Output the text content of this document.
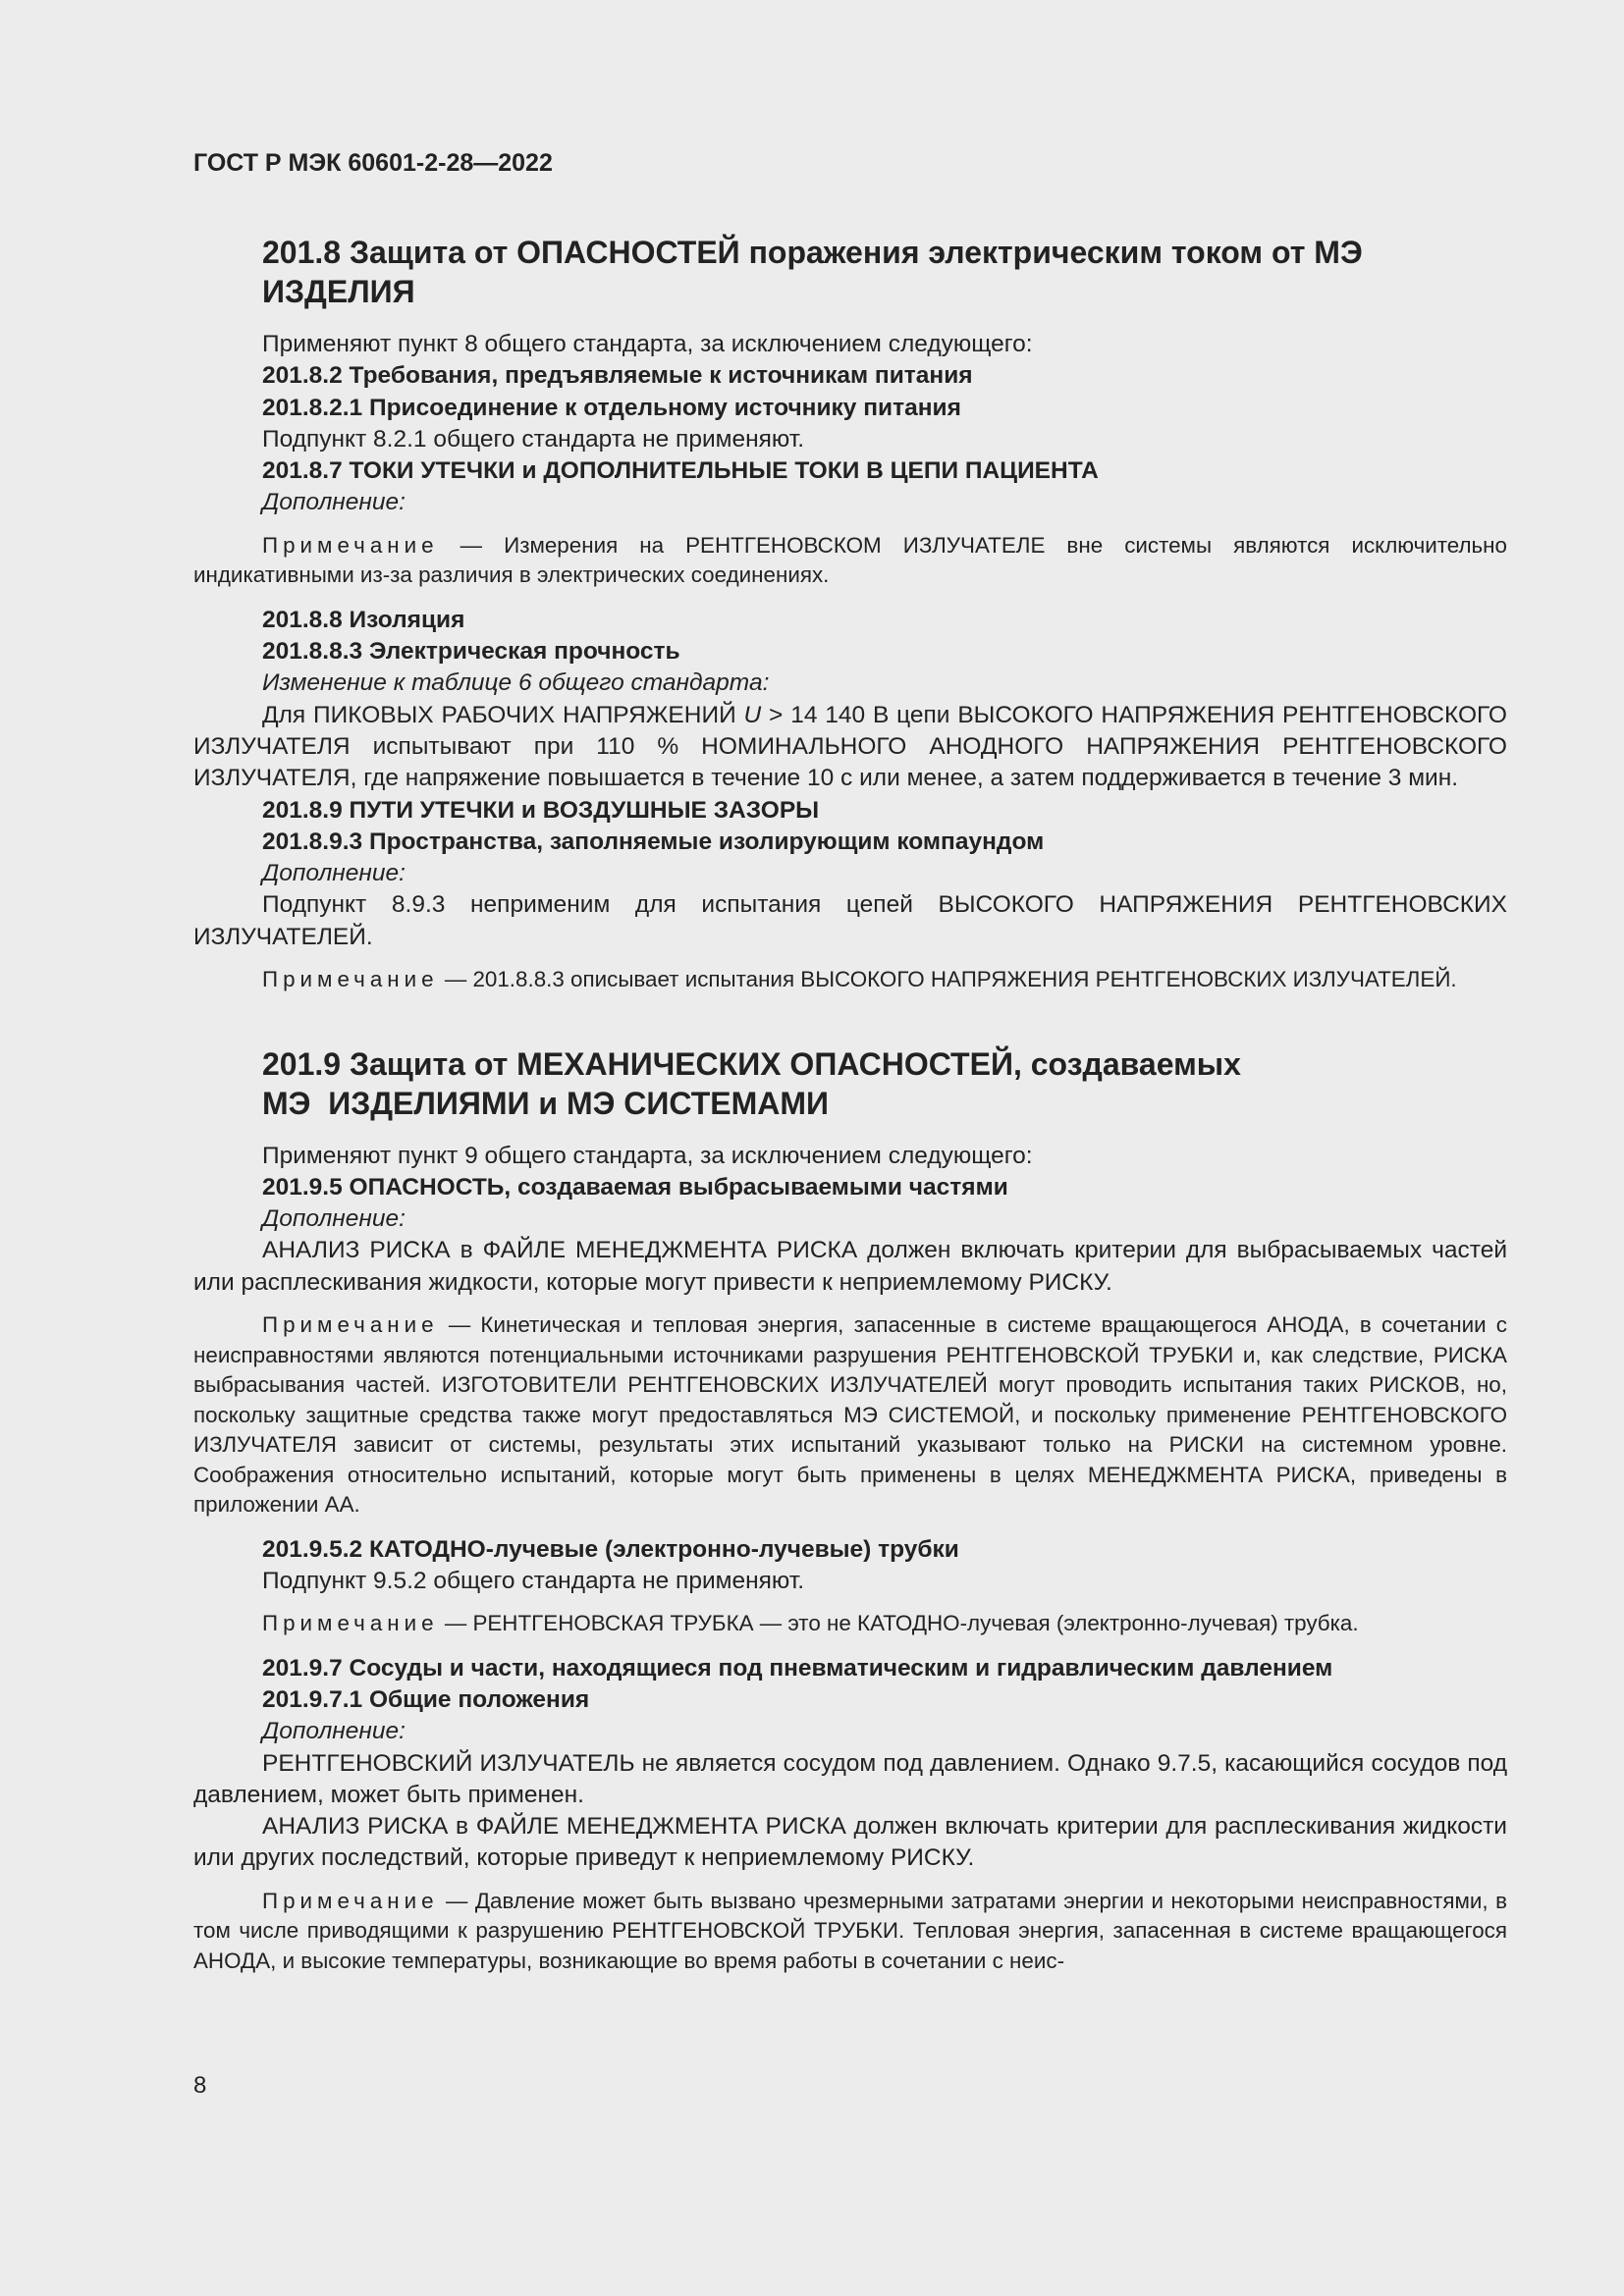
ГОСТ Р МЭК 60601-2-28—2022
201.8 Защита от ОПАСНОСТЕЙ поражения электрическим током от МЭ
ИЗДЕЛИЯ

Применяют пункт 8 общего стандарта, за исключением следующего:

201.8.2 Требования, предъявляемые к источникам питания

201.8.2.1 Присоединение к отдельному источнику питания

Подпункт 8.2.1 общего стандарта не применяют.

201.8.7 ТОКИ УТЕЧКИ и ДОПОЛНИТЕЛЬНЫЕ ТОКИ В ЦЕПИ ПАЦИЕНТА

Дополнение:

Примечание — Измерения на РЕНТГЕНОВСКОМ ИЗЛУЧАТЕЛЕ вне системы являются исключительно индикативными из-за различия в электрических соединениях.

201.8.8 Изоляция

201.8.8.3 Электрическая прочность

Изменение к таблице 6 общего стандарта:

Для ПИКОВЫХ РАБОЧИХ НАПРЯЖЕНИЙ U > 14 140 В цепи ВЫСОКОГО НАПРЯЖЕНИЯ РЕНТГЕНОВСКОГО ИЗЛУЧАТЕЛЯ испытывают при 110 % НОМИНАЛЬНОГО АНОДНОГО НАПРЯЖЕНИЯ РЕНТГЕНОВСКОГО ИЗЛУЧАТЕЛЯ, где напряжение повышается в течение 10 с или менее, а затем поддерживается в течение 3 мин.

201.8.9 ПУТИ УТЕЧКИ и ВОЗДУШНЫЕ ЗАЗОРЫ

201.8.9.3 Пространства, заполняемые изолирующим компаундом

Дополнение:

Подпункт 8.9.3 неприменим для испытания цепей ВЫСОКОГО НАПРЯЖЕНИЯ РЕНТГЕНОВСКИХ ИЗЛУЧАТЕЛЕЙ.

Примечание — 201.8.8.3 описывает испытания ВЫСОКОГО НАПРЯЖЕНИЯ РЕНТГЕНОВСКИХ ИЗЛУЧАТЕЛЕЙ.

201.9 Защита от МЕХАНИЧЕСКИХ ОПАСНОСТЕЙ, создаваемых
МЭ  ИЗДЕЛИЯМИ и МЭ СИСТЕМАМИ

Применяют пункт 9 общего стандарта, за исключением следующего:

201.9.5 ОПАСНОСТЬ, создаваемая выбрасываемыми частями

Дополнение:

АНАЛИЗ РИСКА в ФАЙЛЕ МЕНЕДЖМЕНТА РИСКА должен включать критерии для выбрасываемых частей или расплескивания жидкости, которые могут привести к неприемлемому РИСКУ.

Примечание — Кинетическая и тепловая энергия, запасенные в системе вращающегося АНОДА, в сочетании с неисправностями являются потенциальными источниками разрушения РЕНТГЕНОВСКОЙ ТРУБКИ и, как следствие, РИСКА выбрасывания частей. ИЗГОТОВИТЕЛИ РЕНТГЕНОВСКИХ ИЗЛУЧАТЕЛЕЙ могут проводить испытания таких РИСКОВ, но, поскольку защитные средства также могут предоставляться МЭ СИСТЕМОЙ, и поскольку применение РЕНТГЕНОВСКОГО ИЗЛУЧАТЕЛЯ зависит от системы, результаты этих испытаний указывают только на РИСКИ на системном уровне. Соображения относительно испытаний, которые могут быть применены в целях МЕНЕДЖМЕНТА РИСКА, приведены в приложении АА.

201.9.5.2 КАТОДНО-лучевые (электронно-лучевые) трубки

Подпункт 9.5.2 общего стандарта не применяют.

Примечание — РЕНТГЕНОВСКАЯ ТРУБКА — это не КАТОДНО-лучевая (электронно-лучевая) трубка.

201.9.7 Сосуды и части, находящиеся под пневматическим и гидравлическим давлением

201.9.7.1 Общие положения

Дополнение:

РЕНТГЕНОВСКИЙ ИЗЛУЧАТЕЛЬ не является сосудом под давлением. Однако 9.7.5, касающийся сосудов под давлением, может быть применен.

АНАЛИЗ РИСКА в ФАЙЛЕ МЕНЕДЖМЕНТА РИСКА должен включать критерии для расплескивания жидкости или других последствий, которые приведут к неприемлемому РИСКУ.

Примечание — Давление может быть вызвано чрезмерными затратами энергии и некоторыми неисправностями, в том числе приводящими к разрушению РЕНТГЕНОВСКОЙ ТРУБКИ. Тепловая энергия, запасенная в системе вращающегося АНОДА, и высокие температуры, возникающие во время работы в сочетании с неис-

8
